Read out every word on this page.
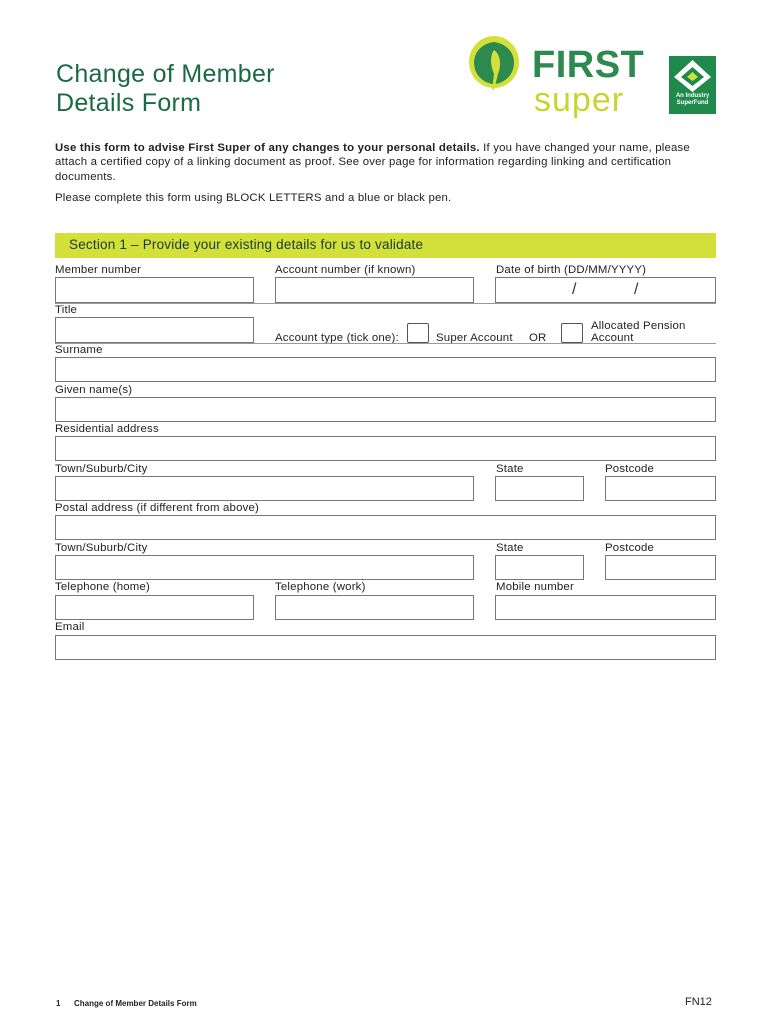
Change of Member
Details Form
FIRST
super	An Industry
SuperFund
Use this form to advise First Super of any changes to your personal details. If you have changed your name, please attach a certified copy of a linking document as proof. See over page for information regarding linking and certification documents.
Please complete this form using BLOCK LETTERS and a blue or black pen.
Section 1 – Provide your existing details for us to validate
Member number	Account number (if known)	Date of birth (DD/MM/YYYY)
/	/
Title
Account type (tick one):	Super Account OR
Allocated Pension
Account
Surname
Given name(s)
Residential address
Town/Suburb/City	State	Postcode
Postal address (if different from above)
Town/Suburb/City	State	Postcode
Telephone (home)	Telephone (work)	Mobile number
Email
1 Change of Member Details Form	FN12
